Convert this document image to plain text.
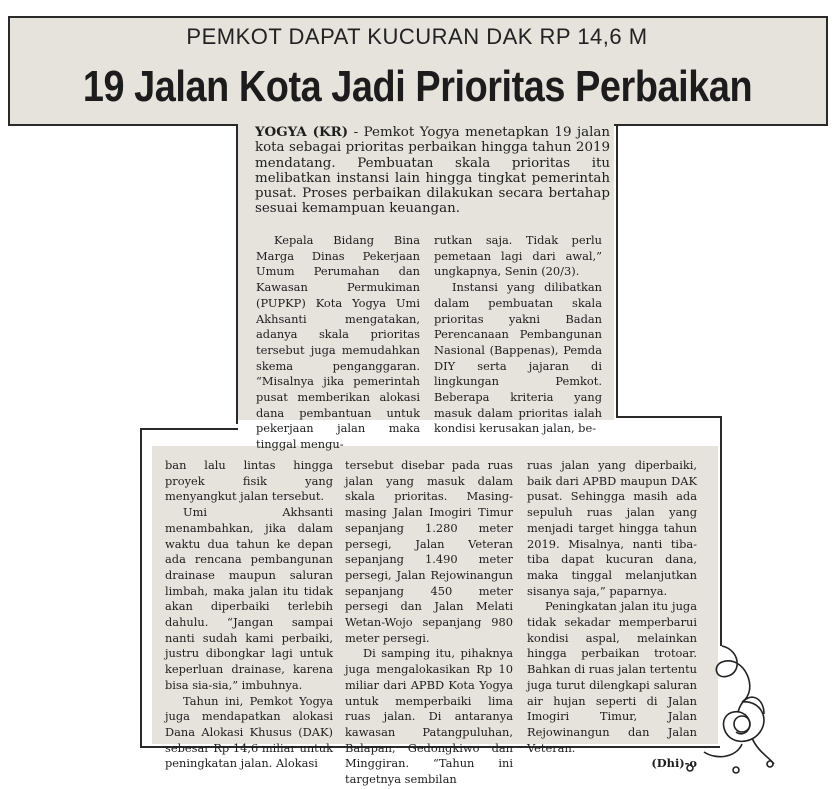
PEMKOT DAPAT KUCURAN DAK RP 14,6 M
19 Jalan Kota Jadi Prioritas Perbaikan

YOGYA (KR) - Pemkot Yogya menetapkan 19 jalan kota sebagai prioritas perbaikan hingga tahun 2019 mendatang. Pembuatan skala prioritas itu melibatkan instansi lain hingga tingkat pemerintah pusat. Proses perbaikan dilakukan secara bertahap sesuai kemampuan keuangan.

Kepala Bidang Bina Marga Dinas Pekerjaan Umum Perumahan dan Kawasan Permukiman (PUPKP) Kota Yogya Umi Akhsanti mengatakan, adanya skala prioritas tersebut juga memudahkan skema penganggaran. “Misalnya jika pemerintah pusat memberikan alokasi dana pembantuan untuk pekerjaan jalan maka tinggal mengu-

rutkan saja. Tidak perlu pemetaan lagi dari awal,” ungkapnya, Senin (20/3).

Instansi yang dilibatkan dalam pembuatan skala prioritas yakni Badan Perencanaan Pembangunan Nasional (Bappenas), Pemda DIY serta jajaran di lingkungan Pemkot. Beberapa kriteria yang masuk dalam prioritas ialah kondisi kerusakan jalan, be-

ban lalu lintas hingga proyek fisik yang menyangkut jalan tersebut.

Umi Akhsanti menambahkan, jika dalam waktu dua tahun ke depan ada rencana pembangunan drainase maupun saluran limbah, maka jalan itu tidak akan diperbaiki terlebih dahulu. “Jangan sampai nanti sudah kami perbaiki, justru dibongkar lagi untuk keperluan drainase, karena bisa sia-sia,” imbuhnya.

Tahun ini, Pemkot Yogya juga mendapatkan alokasi Dana Alokasi Khusus (DAK) sebesar Rp 14,6 miliar untuk peningkatan jalan. Alokasi

tersebut disebar pada ruas jalan yang masuk dalam skala prioritas. Masing-masing Jalan Imogiri Timur sepanjang 1.280 meter persegi, Jalan Veteran sepanjang 1.490 meter persegi, Jalan Rejowinangun sepanjang 450 meter persegi dan Jalan Melati Wetan-Wojo sepanjang 980 meter persegi.

Di samping itu, pihaknya juga mengalokasikan Rp 10 miliar dari APBD Kota Yogya untuk memperbaiki lima ruas jalan. Di antaranya kawasan Patangpuluhan, Balapan, Gedongkiwo dan Minggiran. “Tahun ini targetnya sembilan

ruas jalan yang diperbaiki, baik dari APBD maupun DAK pusat. Sehingga masih ada sepuluh ruas jalan yang menjadi target hingga tahun 2019. Misalnya, nanti tiba-tiba dapat kucuran dana, maka tinggal melanjutkan sisanya saja,” paparnya.

Peningkatan jalan itu juga tidak sekadar memperbarui kondisi aspal, melainkan hingga perbaikan trotoar. Bahkan di ruas jalan tertentu juga turut dilengkapi saluran air hujan seperti di Jalan Imogiri Timur, Jalan Rejowinangun dan Jalan Veteran.

(Dhi)-o
